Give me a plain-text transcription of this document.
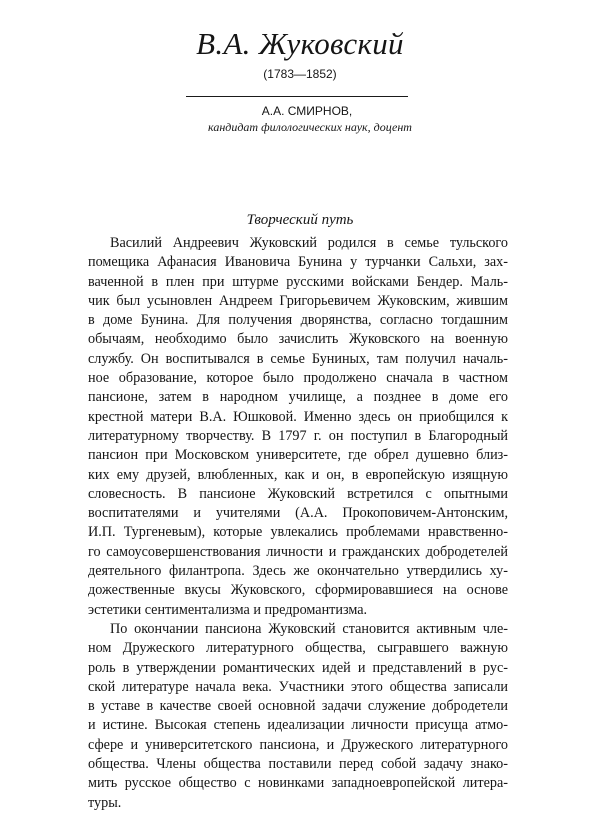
В.А. Жуковский
(1783—1852)
А.А. СМИРНОВ,
кандидат филологических наук, доцент
Творческий путь
Василий Андреевич Жуковский родился в семье тульского
помещика Афанасия Ивановича Бунина у турчанки Сальхи, зах-
ваченной в плен при штурме русскими войсками Бендер. Маль-
чик был усыновлен Андреем Григорьевичем Жуковским, жившим
в доме Бунина. Для получения дворянства, согласно тогдашним
обычаям, необходимо было зачислить Жуковского на военную
службу. Он воспитывался в семье Буниных, там получил началь-
ное образование, которое было продолжено сначала в частном
пансионе, затем в народном училище, а позднее в доме его
крестной матери В.А. Юшковой. Именно здесь он приобщился к
литературному творчеству. В 1797 г. он поступил в Благородный
пансион при Московском университете, где обрел душевно близ-
ких ему друзей, влюбленных, как и он, в европейскую изящную
словесность. В пансионе Жуковский встретился с опытными
воспитателями и учителями (А.А. Прокоповичем-Антонским,
И.П. Тургеневым), которые увлекались проблемами нравственно-
го самоусовершенствования личности и гражданских добродетелей
деятельного филантропа. Здесь же окончательно утвердились ху-
дожественные вкусы Жуковского, сформировавшиеся на основе
эстетики сентиментализма и предромантизма.
По окончании пансиона Жуковский становится активным чле-
ном Дружеского литературного общества, сыгравшего важную
роль в утверждении романтических идей и представлений в рус-
ской литературе начала века. Участники этого общества записали
в уставе в качестве своей основной задачи служение добродетели
и истине. Высокая степень идеализации личности присуща атмо-
сфере и университетского пансиона, и Дружеского литературного
общества. Члены общества поставили перед собой задачу знако-
мить русское общество с новинками западноевропейской литера-
туры.
